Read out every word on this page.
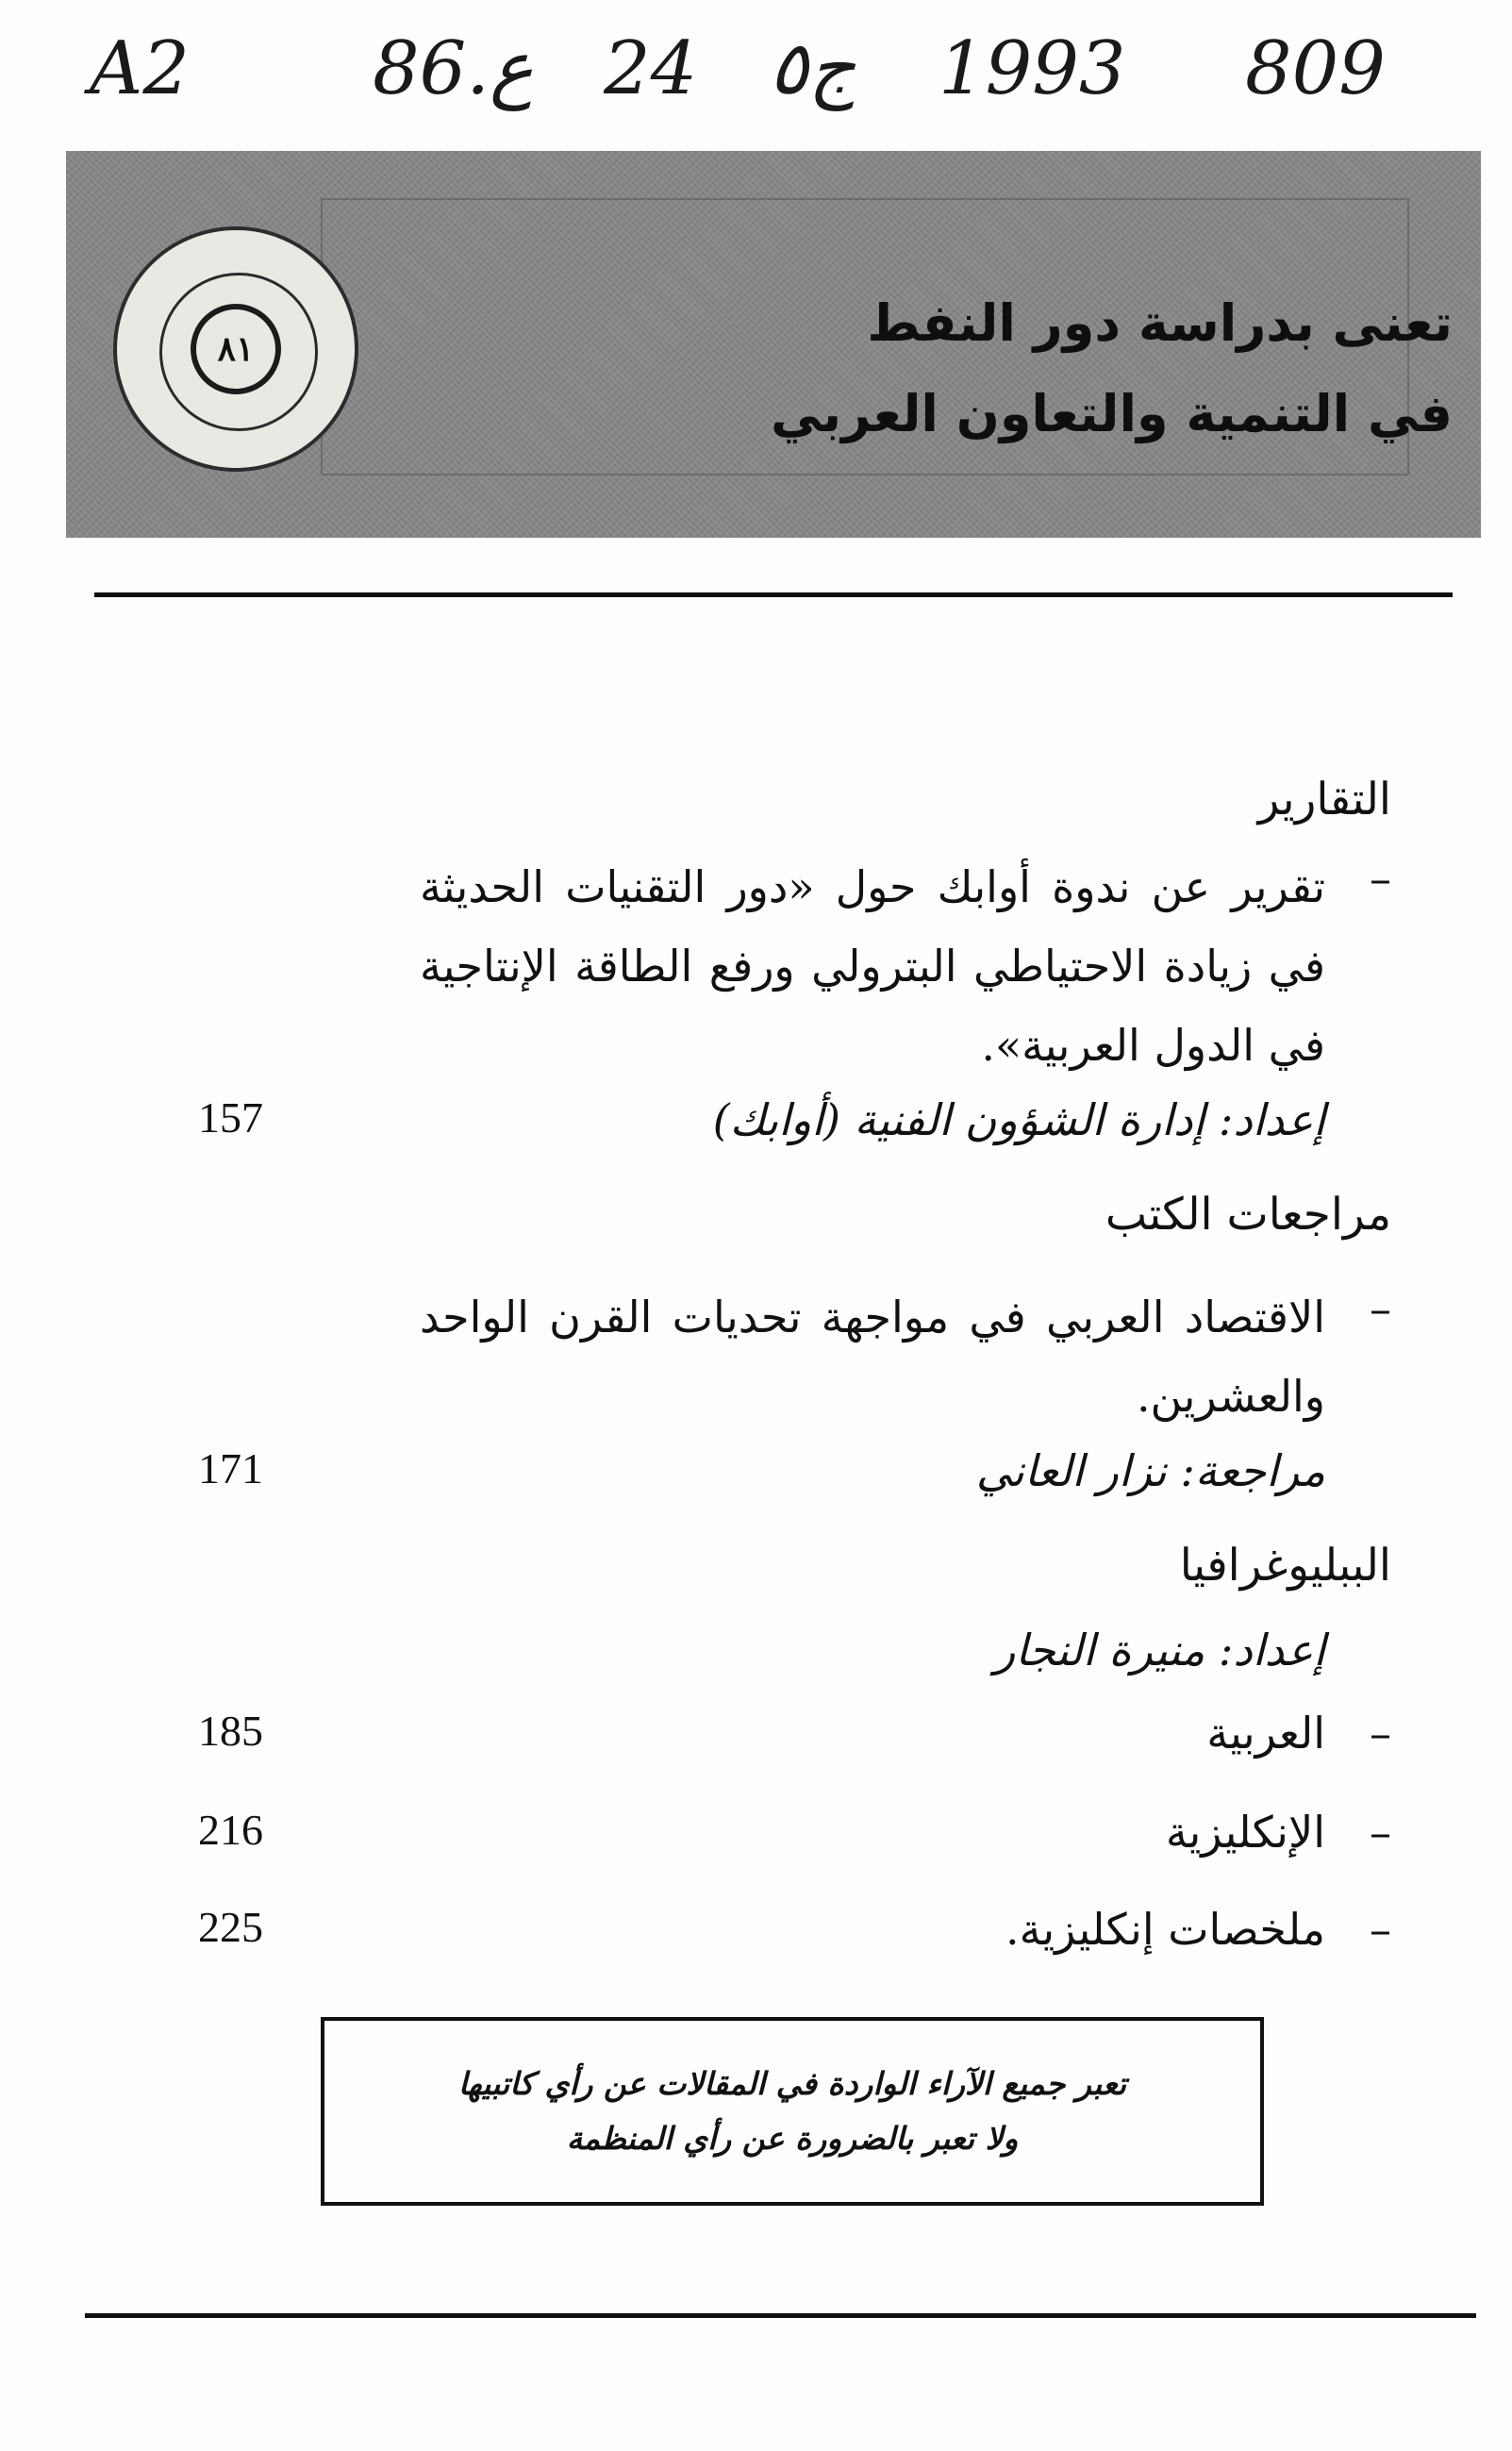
A2 86.ع 24 ج٥ 1993 809
٨١	تعنى بدراسة دور النفط
في التنمية والتعاون العربي
التقارير
–
تقرير عن ندوة أوابك حول «دور التقنيات الحديثة في زيادة الاحتياطي البترولي ورفع الطاقة الإنتاجية في الدول العربية».
إعداد: إدارة الشؤون الفنية (أوابك)
157
مراجعات الكتب
–
الاقتصاد العربي في مواجهة تحديات القرن الواحد والعشرين.
مراجعة: نزار العاني
171
الببليوغرافيا
إعداد: منيرة النجار
–
العربية
185
–
الإنكليزية
216
–
ملخصات إنكليزية.
225
تعبر جميع الآراء الواردة في المقالات عن رأي كاتبيها
ولا تعبر بالضرورة عن رأي المنظمة
